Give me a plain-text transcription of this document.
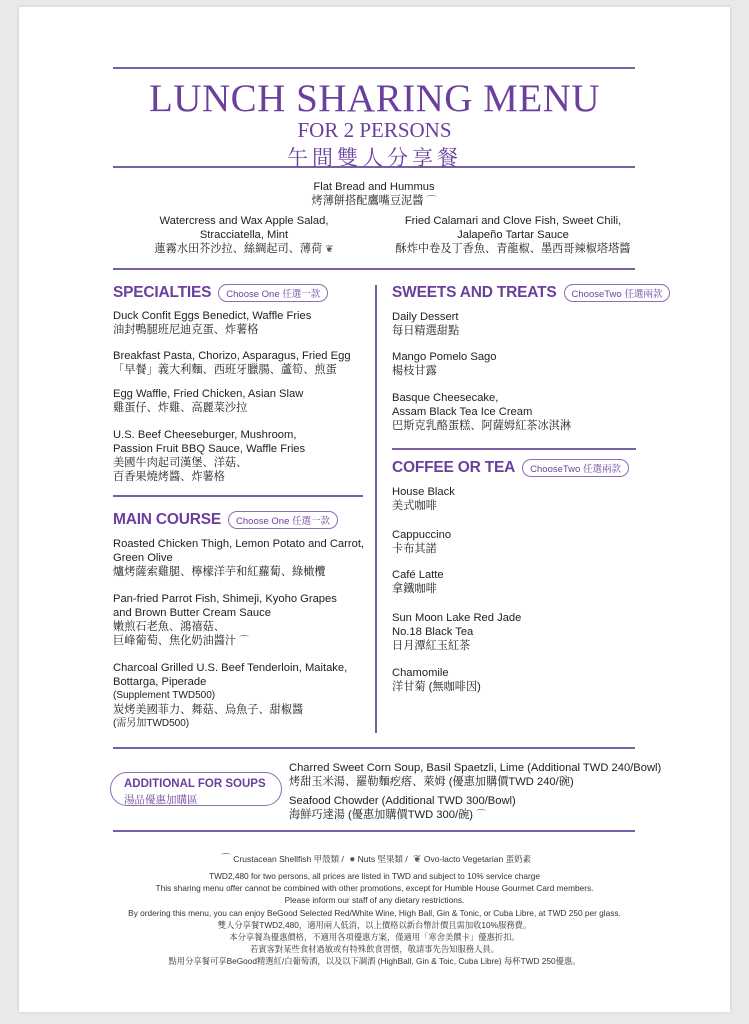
LUNCH SHARING MENU
FOR 2 PERSONS
午間雙人分享餐
Flat Bread and Hummus
烤薄餅搭配鷹嘴豆泥醬 ⌒
Watercress and Wax Apple Salad,
Stracciatella, Mint
蓮霧水田芥沙拉、絲綢起司、薄荷 ❦
Fried Calamari and Clove Fish, Sweet Chili,
Jalapeño Tartar Sauce
酥炸中卷及丁香魚、青龍椒、墨西哥辣椒塔塔醬
SPECIALTIES	Choose One 任選一款
Duck Confit Eggs Benedict, Waffle Fries
油封鴨腿班尼迪克蛋、炸薯格
Breakfast Pasta, Chorizo, Asparagus, Fried Egg
「早餐」義大利麵、西班牙臘腸、蘆筍、煎蛋
Egg Waffle, Fried Chicken, Asian Slaw
雞蛋仔、炸雞、高麗菜沙拉
U.S. Beef Cheeseburger, Mushroom,
Passion Fruit BBQ Sauce, Waffle Fries
美國牛肉起司漢堡、洋菇、
百香果燒烤醬、炸薯格
MAIN COURSE	Choose One 任選一款
Roasted Chicken Thigh, Lemon Potato and Carrot,
Green Olive
爐烤薩索雞腿、檸檬洋芋和紅蘿蔔、綠橄欖
Pan-fried Parrot Fish, Shimeji, Kyoho Grapes
and Brown Butter Cream Sauce
嫩煎石老魚、鴻禧菇、
巨峰葡萄、焦化奶油醬汁 ⌒
Charcoal Grilled U.S. Beef Tenderloin, Maitake,
Bottarga, Piperade
(Supplement TWD500)
炭烤美國菲力、舞菇、烏魚子、甜椒醬
(需另加TWD500)
SWEETS AND TREATS	ChooseTwo 任選兩款
Daily Dessert
每日精選甜點
Mango Pomelo Sago
楊枝甘露
Basque Cheesecake,
Assam Black Tea Ice Cream
巴斯克乳酪蛋糕、阿薩姆紅茶冰淇淋
COFFEE OR TEA	ChooseTwo 任選兩款
House Black
美式咖啡
Cappuccino
卡布其諾
Café Latte
拿鐵咖啡
Sun Moon Lake Red Jade
No.18 Black Tea
日月潭紅玉紅茶
Chamomile
洋甘菊 (無咖啡因)
ADDITIONAL FOR SOUPS
湯品優惠加購區
Charred Sweet Corn Soup, Basil Spaetzli, Lime (Additional TWD 240/Bowl)
烤甜玉米湯、羅勒麵疙瘩、萊姆 (優惠加購價TWD 240/碗)
Seafood Chowder (Additional TWD 300/Bowl)
海鮮巧達湯 (優惠加購價TWD 300/碗) ⌒
⌒ Crustacean Shellfish 甲殼類 / ● Nuts 堅果類 / ❦ Ovo-lacto Vegetarian 蛋奶素
TWD2,480 for two persons, all prices are listed in TWD and subject to 10% service charge
This sharing menu offer cannot be combined with other promotions, except for Humble House Gourmet Card members.
Please inform our staff of any dietary restrictions.
By ordering this menu, you can enjoy BeGood Selected Red/White Wine, High Ball, Gin & Tonic, or Cuba Libre, at TWD 250 per glass.
雙人分享餐TWD2,480，適用兩人低消，以上價格以新台幣計價且需加收10%服務費。
本分享餐為優惠價格，不適用各項優惠方案，僅適用「寒舍美饌卡」優惠折扣。
若賓客對某些食材過敏或有特殊飲食習慣，敬請事先告知服務人員。
點用分享餐可享BeGood精選紅/白葡萄酒，以及以下調酒 (HighBall, Gin & Toic, Cuba Libre) 每杯TWD 250優惠。
